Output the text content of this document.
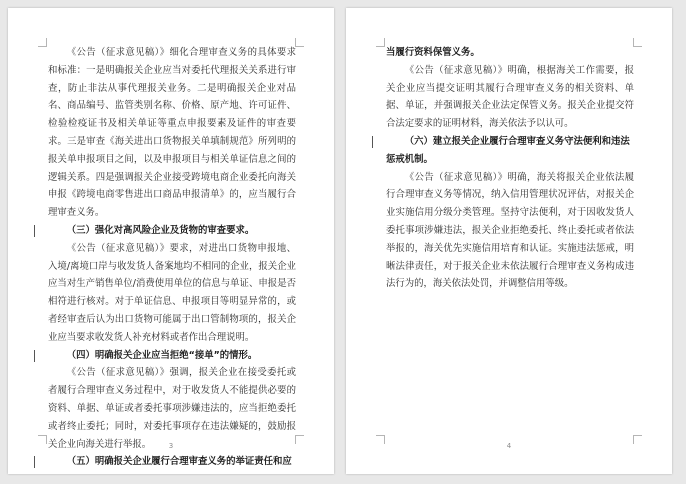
《公告（征求意见稿）》细化合理审查义务的具体要求和标准：一是明确报关企业应当对委托代理报关关系进行审查，防止非法从事代理报关业务。二是明确报关企业对品名、商品编号、监管类别名称、价格、原产地、许可证件、检验检疫证书及相关单证等重点申报要素及证件的审查要求。三是审查《海关进出口货物报关单填制规范》所列明的报关单申报项目之间，以及申报项目与相关单证信息之间的逻辑关系。四是强调报关企业接受跨境电商企业委托向海关申报《跨境电商零售进出口商品申报清单》的，应当履行合理审查义务。

（三）强化对高风险企业及货物的审查要求。

《公告（征求意见稿）》要求，对进出口货物申报地、入境/离境口岸与收发货人备案地均不相同的企业，报关企业应当对生产销售单位/消费使用单位的信息与单证、申报是否相符进行核对。对于单证信息、申报项目等明显异常的，或者经审查后认为出口货物可能属于出口管制物项的，报关企业应当要求收发货人补充材料或者作出合理说明。

（四）明确报关企业应当拒绝“接单”的情形。

《公告（征求意见稿）》强调，报关企业在接受委托或者履行合理审查义务过程中，对于收发货人不能提供必要的资料、单据、单证或者委托事项涉嫌违法的，应当拒绝委托或者终止委托；同时，对委托事项存在违法嫌疑的，鼓励报关企业向海关进行举报。

（五）明确报关企业履行合理审查义务的举证责任和应

3

当履行资料保管义务。

《公告（征求意见稿）》明确，根据海关工作需要，报关企业应当提交证明其履行合理审查义务的相关资料、单据、单证，并强调报关企业法定保管义务。报关企业提交符合法定要求的证明材料，海关依法予以认可。

（六）建立报关企业履行合理审查义务守法便利和违法惩戒机制。

《公告（征求意见稿）》明确，海关将报关企业依法履行合理审查义务等情况，纳入信用管理状况评估，对报关企业实施信用分级分类管理。坚持守法便利，对于因收发货人委托事项涉嫌违法，报关企业拒绝委托、终止委托或者依法举报的，海关优先实施信用培育和认证。实施违法惩戒，明晰法律责任，对于报关企业未依法履行合理审查义务构成违法行为的，海关依法处罚，并调整信用等级。

4
